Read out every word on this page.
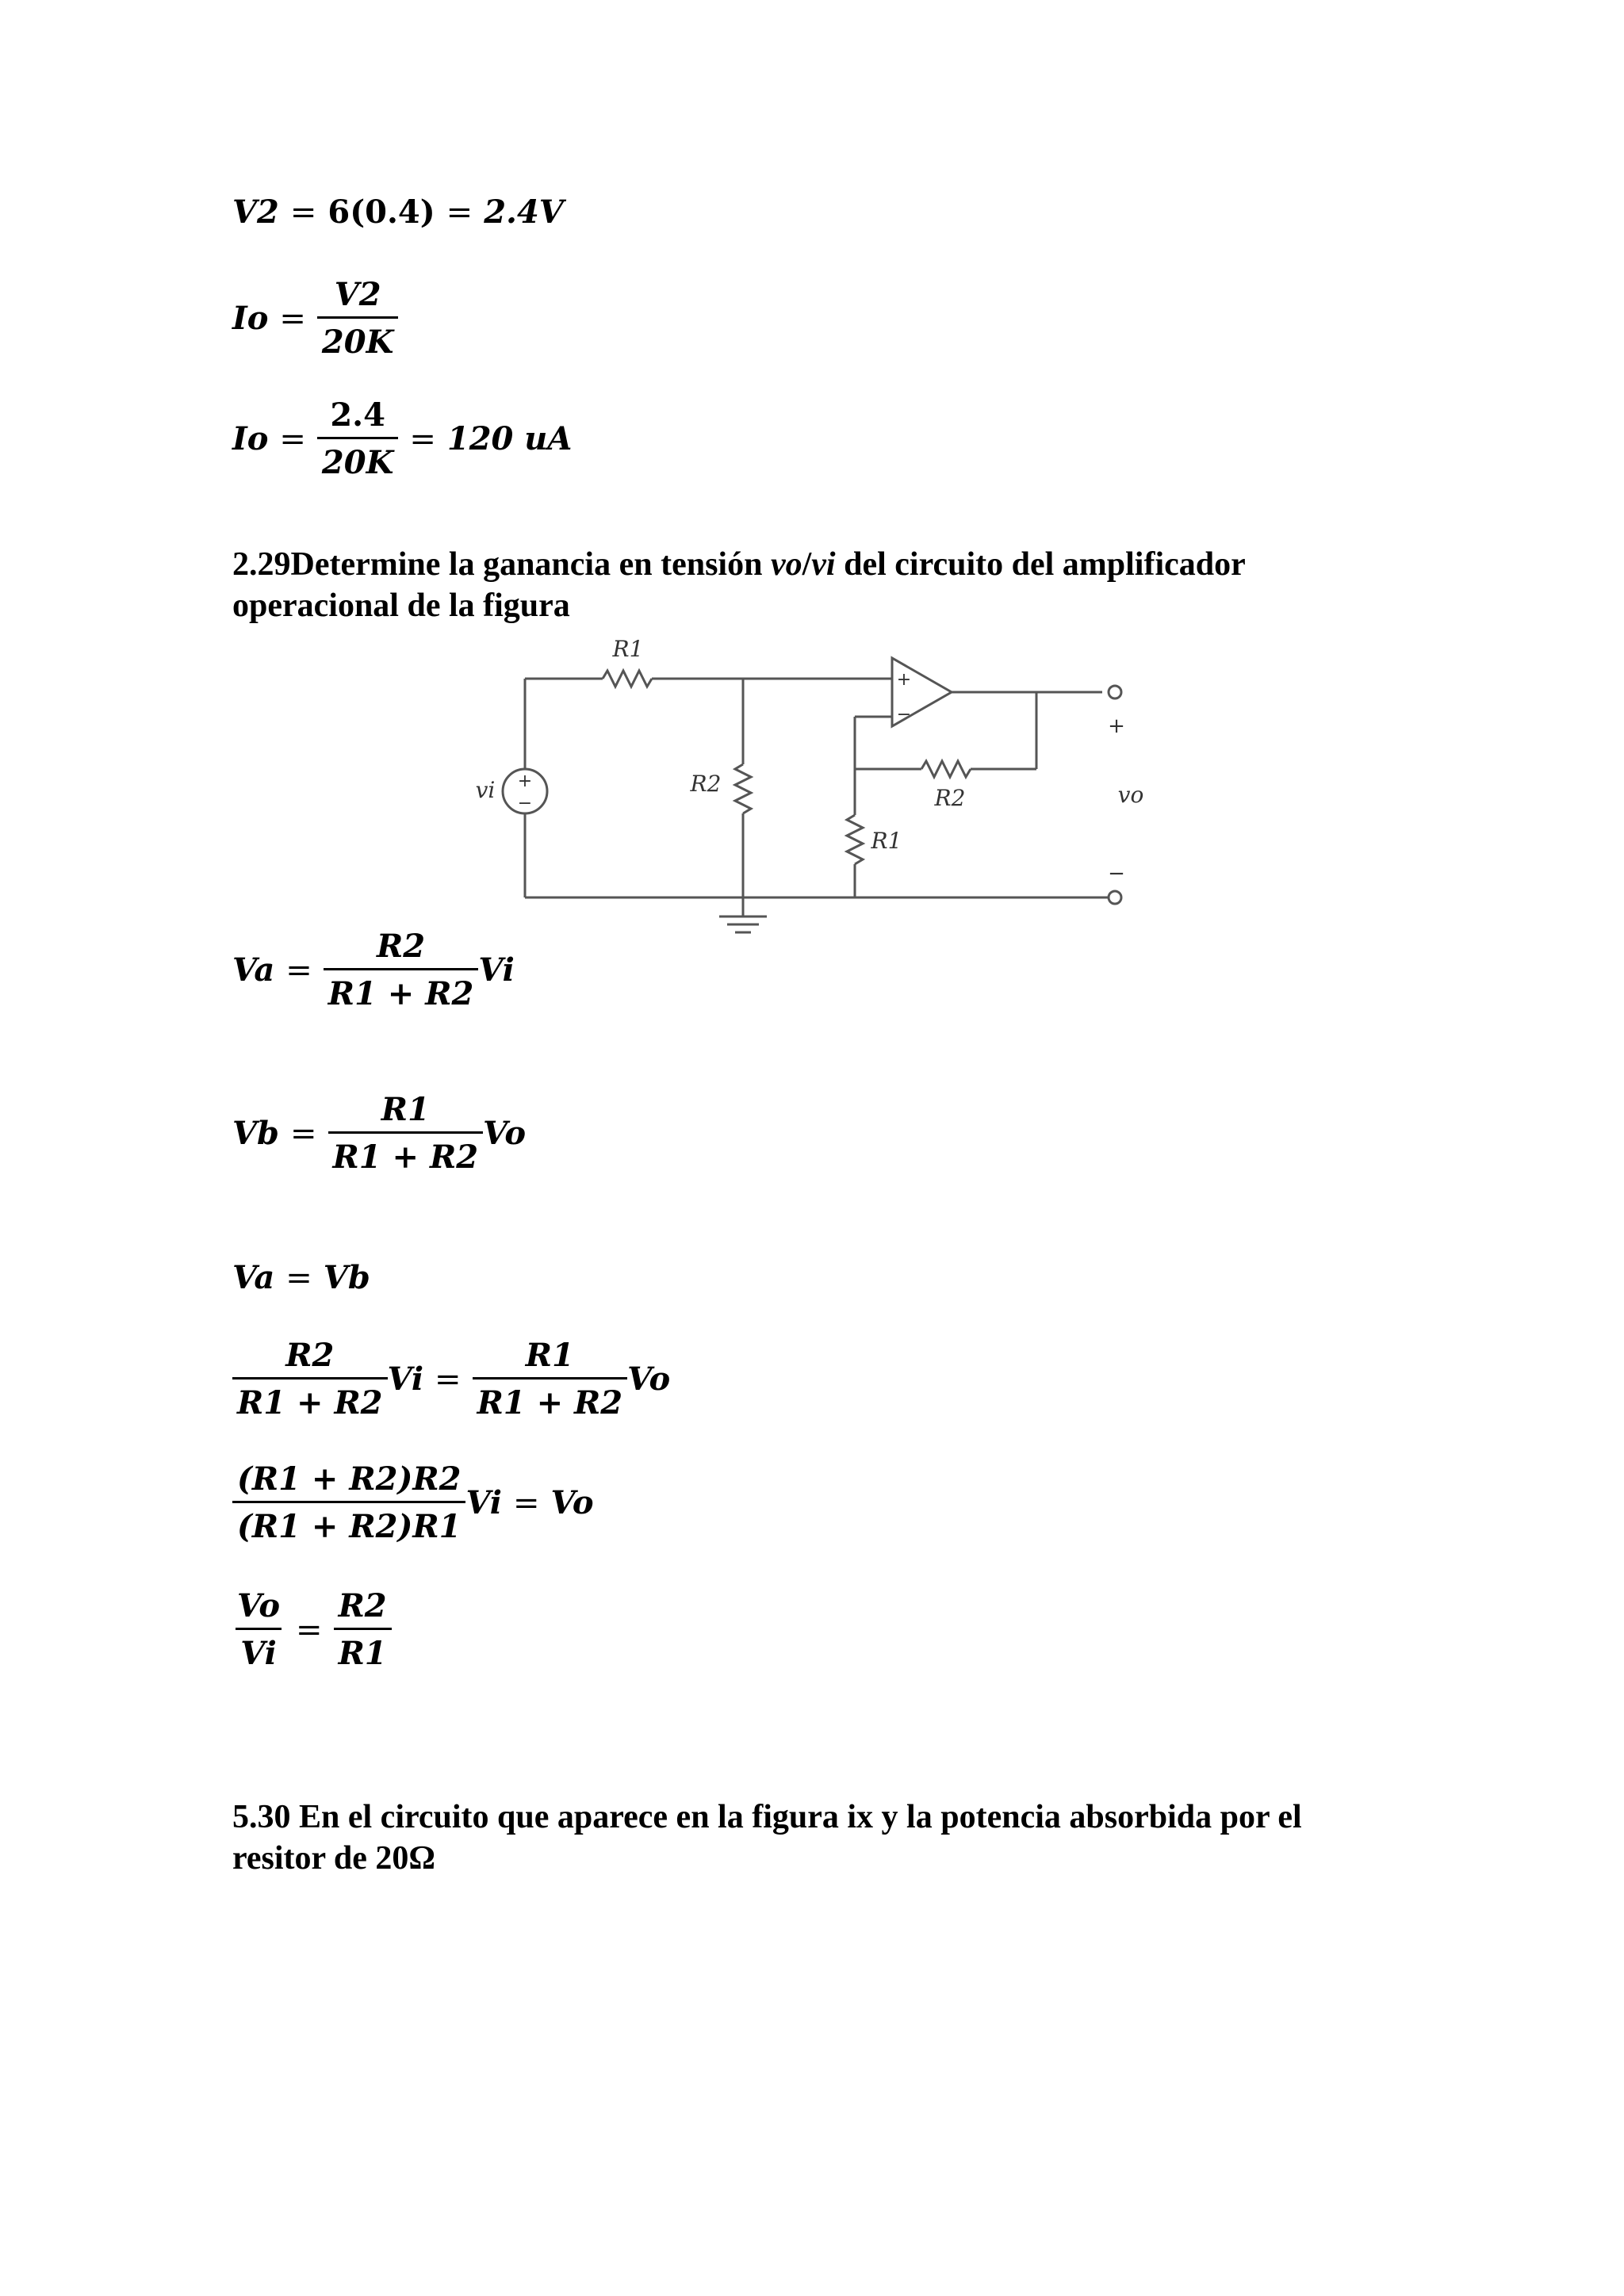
V2 = 6(0.4) = 2.4V
$Io = \frac{V2}{20K}$
$Io = \frac{2.4}{20K} = 120$ uA
2.29Determine la ganancia en tensión vo/vi del circuito del amplificador operacional de la figura
R1
R2
R1
R2
vi	vo
+
−
+
−
+
−
$Va = \frac{R2}{R1 + R2}$ Vi
$Vb = \frac{R1}{R1 + R2}$ Vo
Va = Vb
$\frac{R2}{R1 + R2}$ $Vi = \frac{R1}{R1 + R2}$ Vo
$\frac{(R1 + R2)R2}{(R1 + R2)R1}$ Vi = Vo
$\frac{Vo}{Vi} = \frac{R2}{R1}$
5.30 En el circuito que aparece en la figura ix y la potencia absorbida por el resitor de 20Ω
